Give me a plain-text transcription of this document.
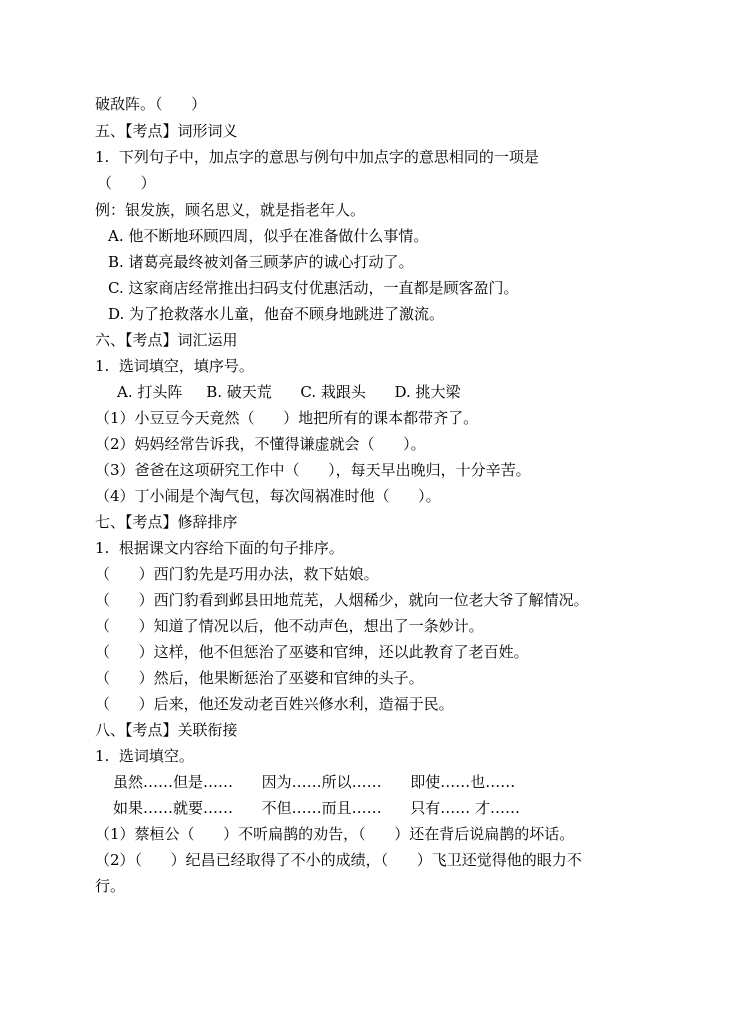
破敌阵。（      ）
五、【考点】词形词义
1.  下列句子中，加点字的意思与例句中加点字的意思相同的一项是
（      ）
例：银发族，顾名思义，就是指老年人。
A. 他不断地环顾四周，似乎在准备做什么事情。
B. 诸葛亮最终被刘备三顾茅庐的诚心打动了。
C. 这家商店经常推出扫码支付优惠活动，一直都是顾客盈门。
D. 为了抢救落水儿童，他奋不顾身地跳进了激流。
六、【考点】词汇运用
1.  选词填空，填序号。
A. 打头阵     B. 破天荒      C. 栽跟头      D. 挑大梁
（1）小豆豆今天竟然（      ）地把所有的课本都带齐了。
（2）妈妈经常告诉我，不懂得谦虚就会（      ）。
（3）爸爸在这项研究工作中（      ），每天早出晚归，十分辛苦。
（4）丁小闹是个淘气包，每次闯祸准时他（      ）。
七、【考点】修辞排序
1.  根据课文内容给下面的句子排序。
（      ）西门豹先是巧用办法，救下姑娘。
（      ）西门豹看到邺县田地荒芜，人烟稀少，就向一位老大爷了解情况。
（      ）知道了情况以后，他不动声色，想出了一条妙计。
（      ）这样，他不但惩治了巫婆和官绅，还以此教育了老百姓。
（      ）然后，他果断惩治了巫婆和官绅的头子。
（      ）后来，他还发动老百姓兴修水利，造福于民。
八、【考点】关联衔接
1.  选词填空。
虽然……但是……      因为……所以……      即使……也……
如果……就要……      不但……而且……      只有…… 才……
（1）蔡桓公（      ）不听扁鹊的劝告，（      ）还在背后说扁鹊的坏话。
（2）（      ）纪昌已经取得了不小的成绩，（      ）飞卫还觉得他的眼力不
行。
